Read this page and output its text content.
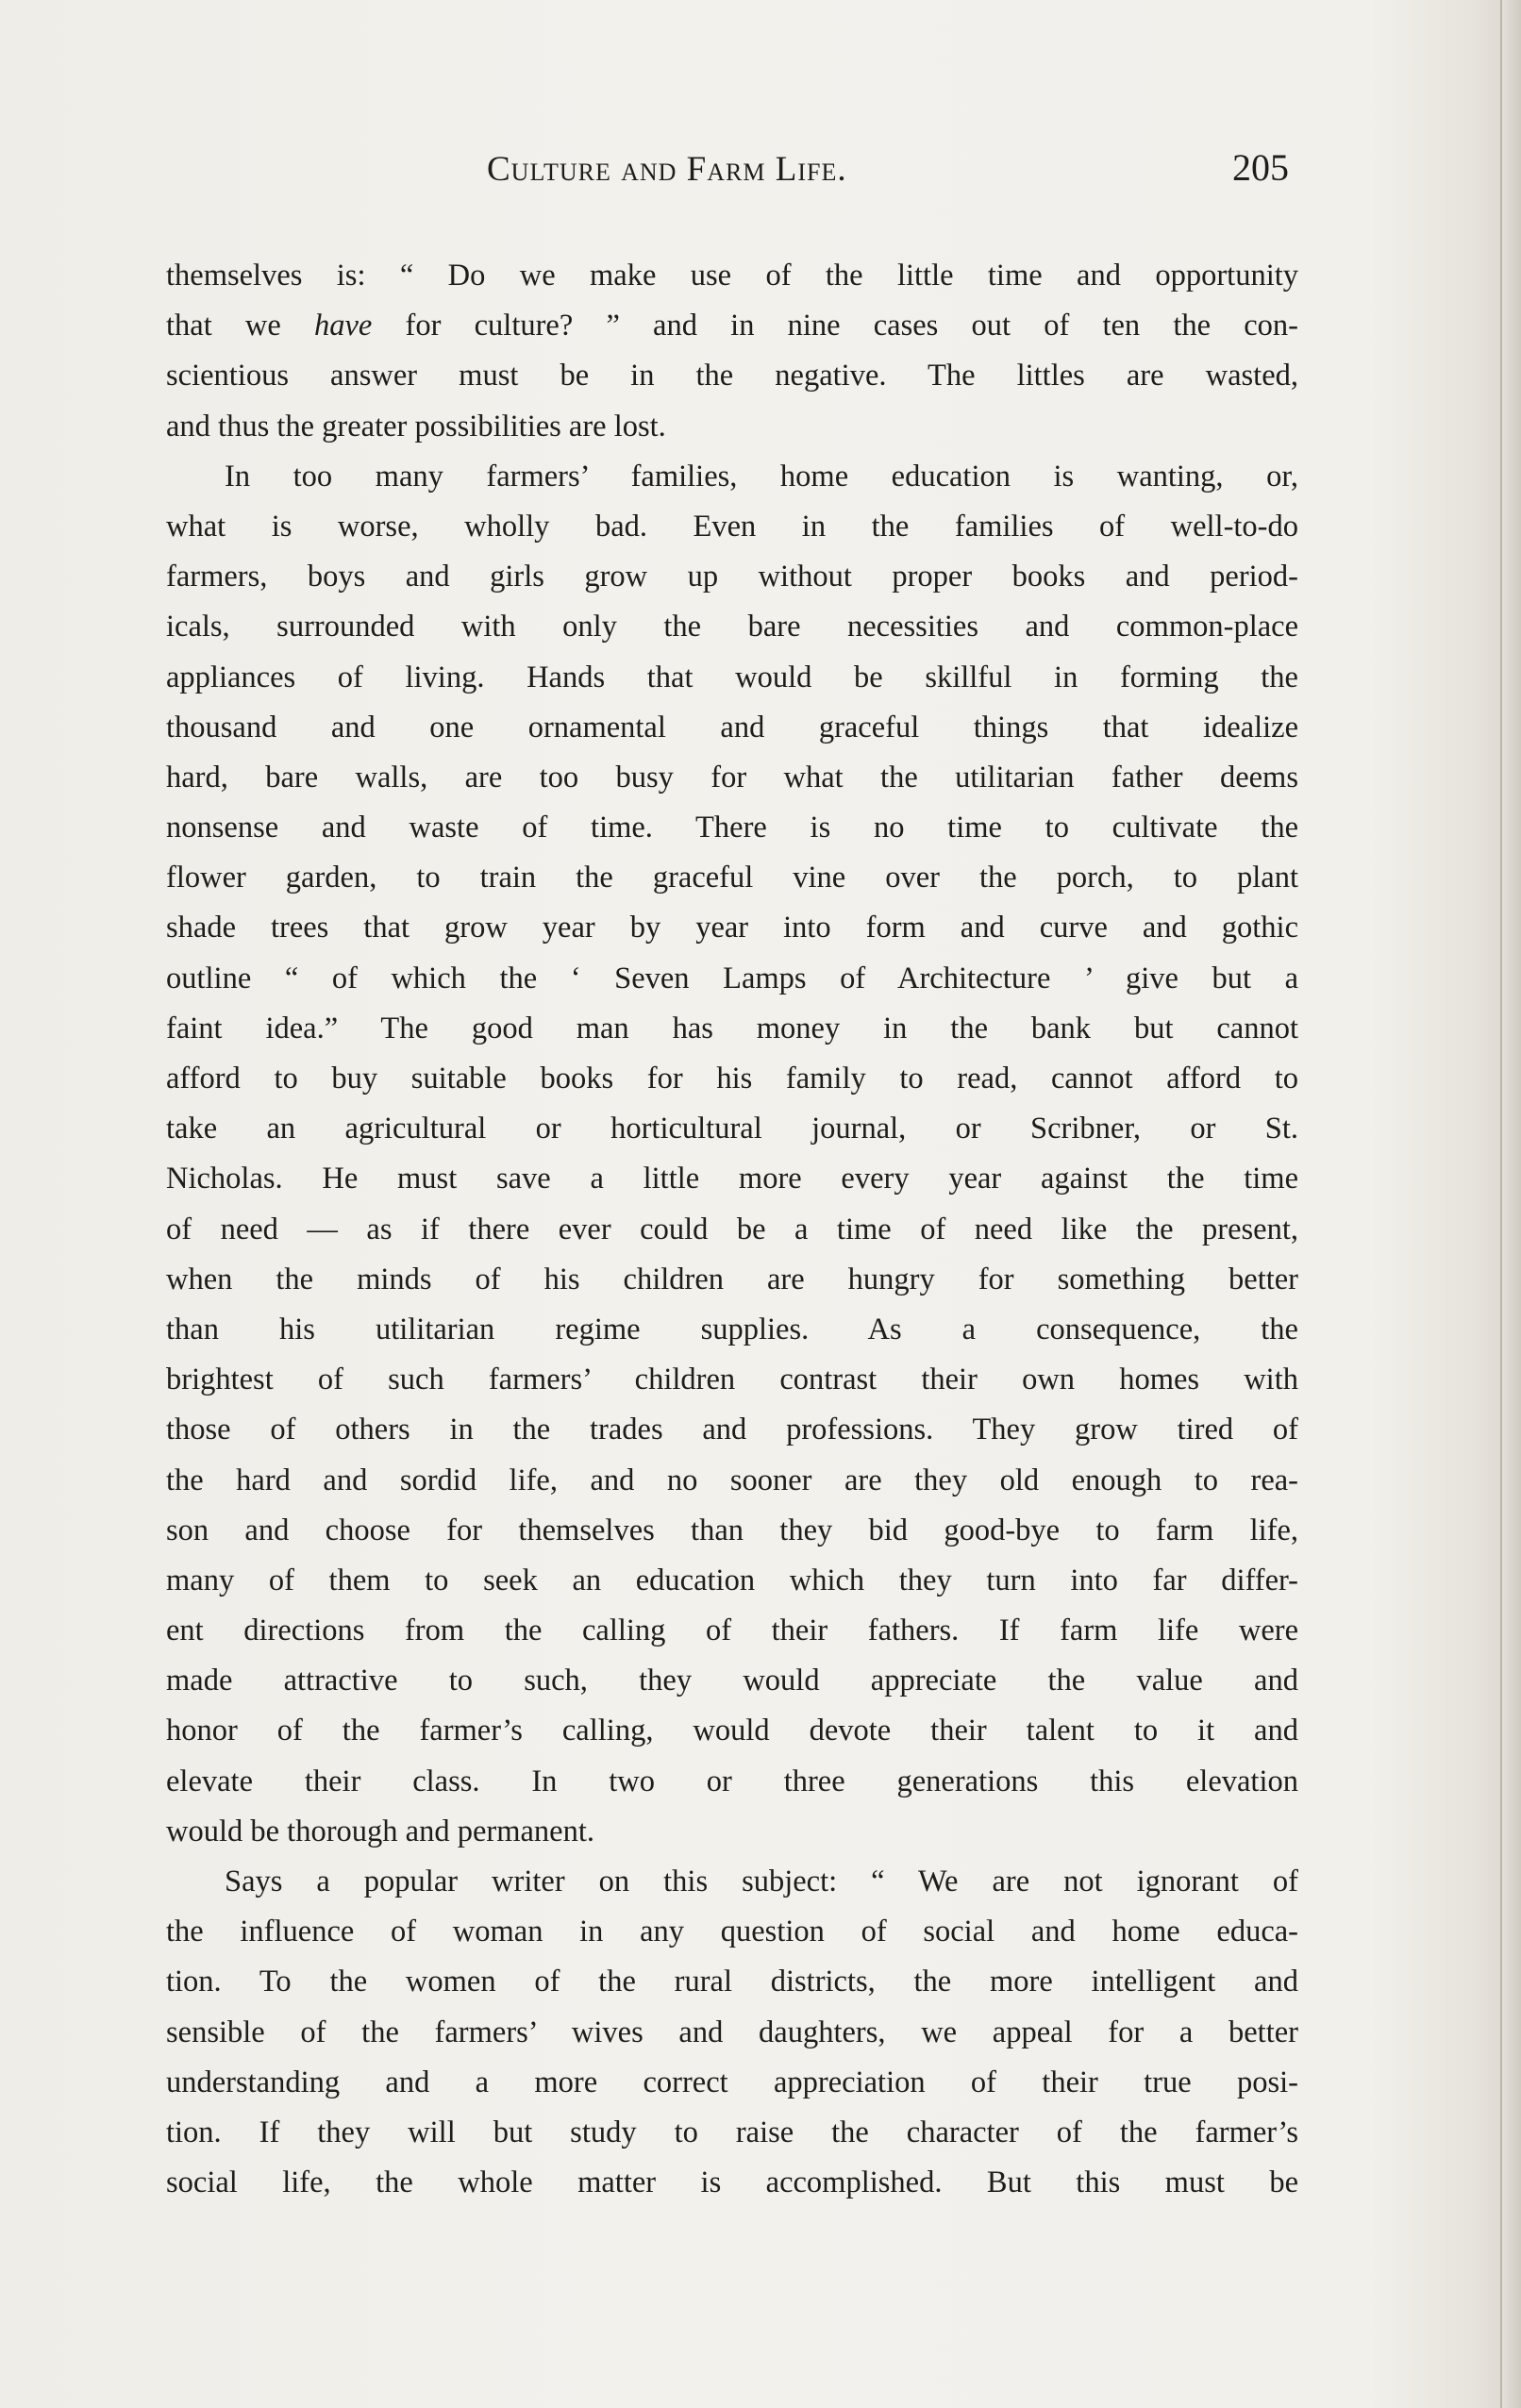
Culture and Farm Life.	205
themselves is: “ Do we make use of the little time and opportunity
that we have for culture? ” and in nine cases out of ten the con-
scientious answer must be in the negative. The littles are wasted,
and thus the greater possibilities are lost.
In too many farmers’ families, home education is wanting, or,
what is worse, wholly bad. Even in the families of well-to-do
farmers, boys and girls grow up without proper books and period-
icals, surrounded with only the bare necessities and common-place
appliances of living. Hands that would be skillful in forming the
thousand and one ornamental and graceful things that idealize
hard, bare walls, are too busy for what the utilitarian father deems
nonsense and waste of time. There is no time to cultivate the
flower garden, to train the graceful vine over the porch, to plant
shade trees that grow year by year into form and curve and gothic
outline “ of which the ‘ Seven Lamps of Architecture ’ give but a
faint idea.” The good man has money in the bank but cannot
afford to buy suitable books for his family to read, cannot afford to
take an agricultural or horticultural journal, or Scribner, or St.
Nicholas. He must save a little more every year against the time
of need — as if there ever could be a time of need like the present,
when the minds of his children are hungry for something better
than his utilitarian regime supplies. As a consequence, the
brightest of such farmers’ children contrast their own homes with
those of others in the trades and professions. They grow tired of
the hard and sordid life, and no sooner are they old enough to rea-
son and choose for themselves than they bid good-bye to farm life,
many of them to seek an education which they turn into far differ-
ent directions from the calling of their fathers. If farm life were
made attractive to such, they would appreciate the value and
honor of the farmer’s calling, would devote their talent to it and
elevate their class. In two or three generations this elevation
would be thorough and permanent.
Says a popular writer on this subject: “ We are not ignorant of
the influence of woman in any question of social and home educa-
tion. To the women of the rural districts, the more intelligent and
sensible of the farmers’ wives and daughters, we appeal for a better
understanding and a more correct appreciation of their true posi-
tion. If they will but study to raise the character of the farmer’s
social life, the whole matter is accomplished. But this must be
